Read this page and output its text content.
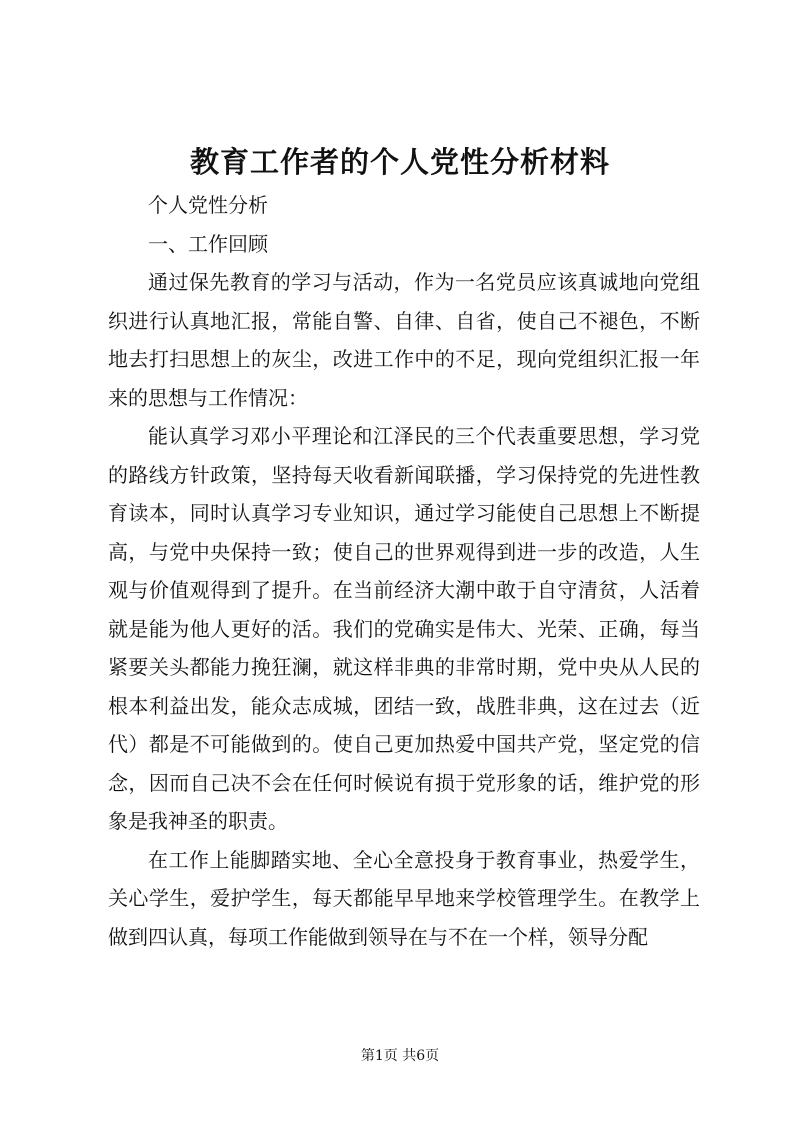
教育工作者的个人党性分析材料

个人党性分析

一、工作回顾

通过保先教育的学习与活动，作为一名党员应该真诚地向党组织进行认真地汇报，常能自警、自律、自省，使自己不褪色，不断地去打扫思想上的灰尘，改进工作中的不足，现向党组织汇报一年来的思想与工作情况：

能认真学习邓小平理论和江泽民的三个代表重要思想，学习党的路线方针政策，坚持每天收看新闻联播，学习保持党的先进性教育读本，同时认真学习专业知识，通过学习能使自己思想上不断提高，与党中央保持一致；使自己的世界观得到进一步的改造，人生观与价值观得到了提升。在当前经济大潮中敢于自守清贫，人活着就是能为他人更好的活。我们的党确实是伟大、光荣、正确，每当紧要关头都能力挽狂澜，就这样非典的非常时期，党中央从人民的根本利益出发，能众志成城，团结一致，战胜非典，这在过去（近代）都是不可能做到的。使自己更加热爱中国共产党，坚定党的信念，因而自己决不会在任何时候说有损于党形象的话，维护党的形象是我神圣的职责。

在工作上能脚踏实地、全心全意投身于教育事业，热爱学生，关心学生，爱护学生，每天都能早早地来学校管理学生。在教学上做到四认真，每项工作能做到领导在与不在一个样，领导分配

第1页 共6页
